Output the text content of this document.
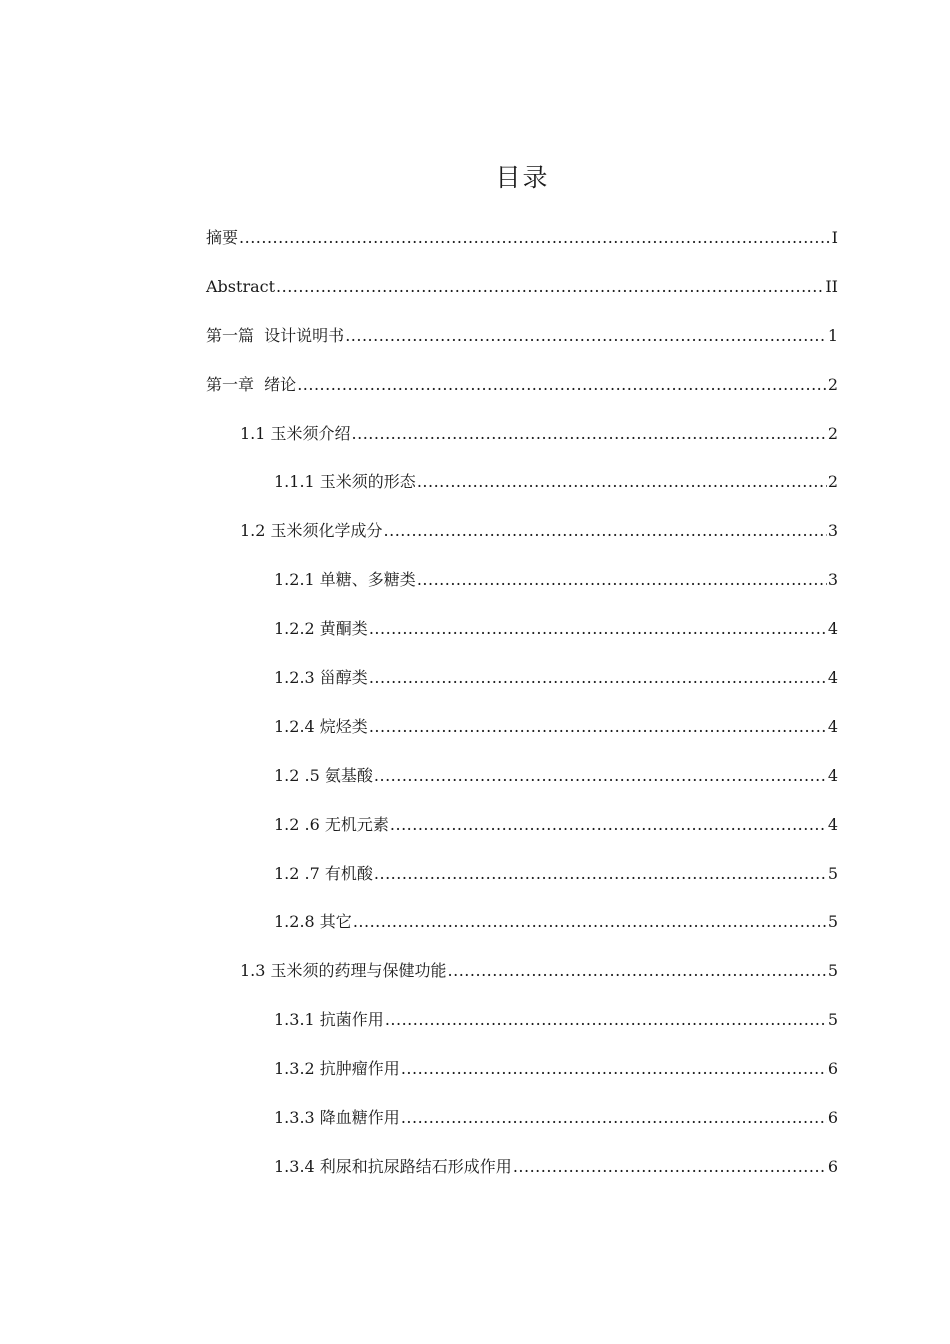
目录
摘要 .....	I
Abstract .....	II
第一篇  设计说明书 .....	1
第一章  绪论 .....	2
1.1 玉米须介绍 .....	2
1.1.1 玉米须的形态 .....	2
1.2 玉米须化学成分 .....	3
1.2.1 单糖、多糖类 .....	3
1.2.2 黄酮类 .....	4
1.2.3 甾醇类 .....	4
1.2.4 烷烃类 .....	4
1.2 .5 氨基酸 .....	4
1.2 .6 无机元素 .....	4
1.2 .7 有机酸 .....	5
1.2.8 其它 .....	5
1.3 玉米须的药理与保健功能 .....	5
1.3.1 抗菌作用 .....	5
1.3.2 抗肿瘤作用 .....	6
1.3.3 降血糖作用 .....	6
1.3.4 利尿和抗尿路结石形成作用 .....	6
